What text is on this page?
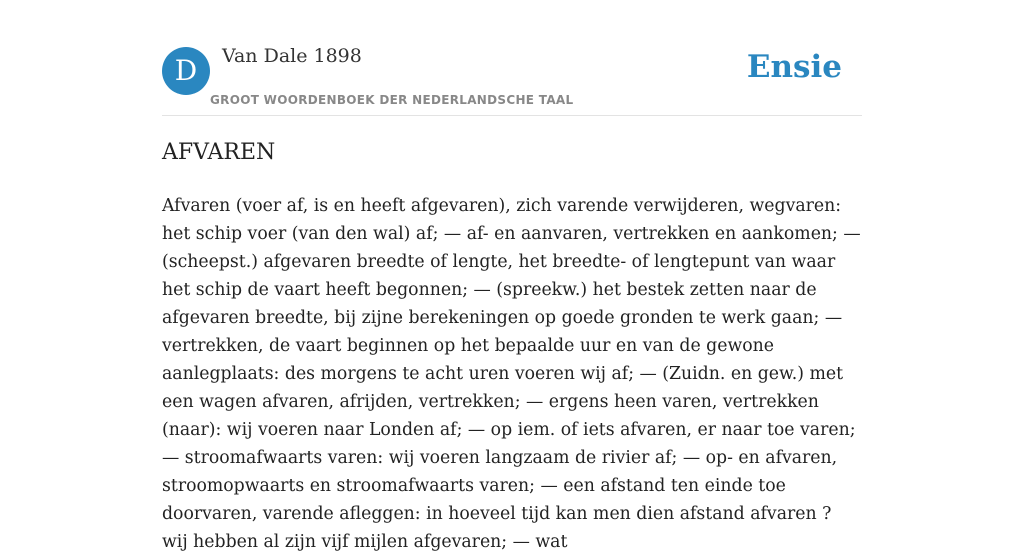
D	Van Dale 1898
GROOT WOORDENBOEK DER NEDERLANDSCHE TAAL
Ensie
AFVAREN

Afvaren (voer af, is en heeft afgevaren), zich varende verwijderen, wegvaren: het schip voer (van den wal) af; — af- en aanvaren, vertrekken en aankomen; — (scheepst.) afgevaren breedte of lengte, het breedte- of lengtepunt van waar het schip de vaart heeft begonnen; — (spreekw.) het bestek zetten naar de afgevaren breedte, bij zijne berekeningen op goede gronden te werk gaan; — vertrekken, de vaart beginnen op het bepaalde uur en van de gewone aanlegplaats: des morgens te acht uren voeren wij af; — (Zuidn. en gew.) met een wagen afvaren, afrijden, vertrekken; — ergens heen varen, vertrekken (naar): wij voeren naar Londen af; — op iem. of iets afvaren, er naar toe varen; — stroomafwaarts varen: wij voeren langzaam de rivier af; — op- en afvaren, stroomopwaarts en stroomafwaarts varen; — een afstand ten einde toe doorvaren, varende afleggen: in hoeveel tijd kan men dien afstand afvaren ? wij hebben al zijn vijf mijlen afgevaren; — wat
